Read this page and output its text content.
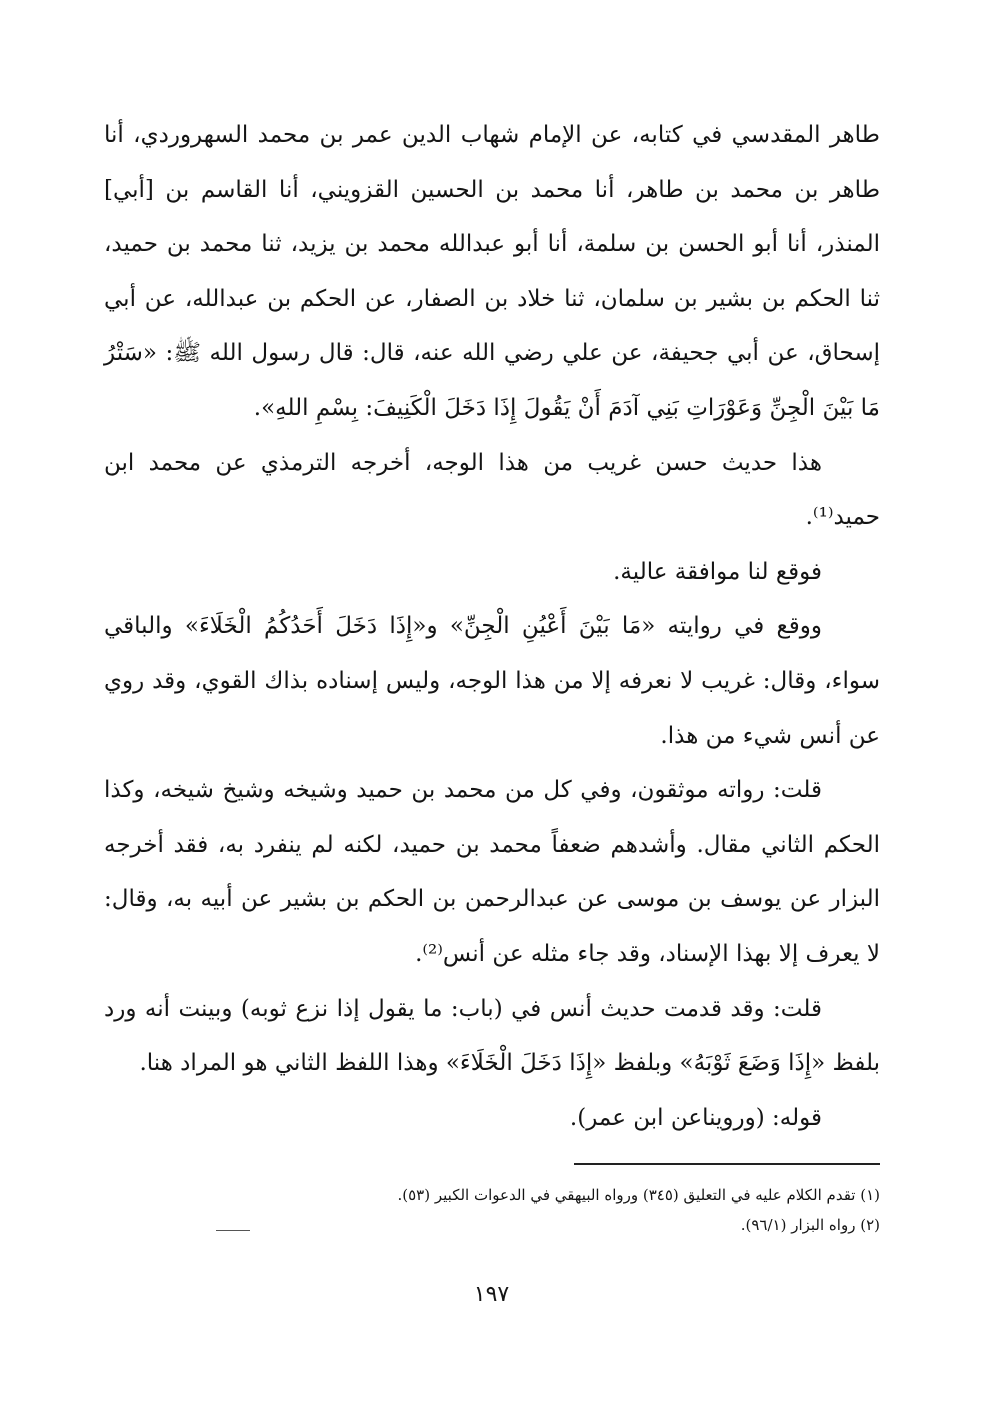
طاهر المقدسي في كتابه، عن الإمام شهاب الدين عمر بن محمد السهروردي، أنا طاهر بن محمد بن طاهر، أنا محمد بن الحسين القزويني، أنا القاسم بن [أبي] المنذر، أنا أبو الحسن بن سلمة، أنا أبو عبدالله محمد بن يزيد، ثنا محمد بن حميد، ثنا الحكم بن بشير بن سلمان، ثنا خلاد بن الصفار، عن الحكم بن عبدالله، عن أبي إسحاق، عن أبي جحيفة، عن علي رضي الله عنه، قال: قال رسول الله ﷺ: «سَتْرُ مَا بَيْنَ الْجِنِّ وَعَوْرَاتِ بَنِي آدَمَ أَنْ يَقُولَ إِذَا دَخَلَ الْكَنِيفَ: بِسْمِ اللهِ».

هذا حديث حسن غريب من هذا الوجه، أخرجه الترمذي عن محمد ابن حميد⁽¹⁾.

فوقع لنا موافقة عالية.

ووقع في روايته «مَا بَيْنَ أَعْيُنِ الْجِنِّ» و«إِذَا دَخَلَ أَحَدُكُمُ الْخَلَاءَ» والباقي سواء، وقال: غريب لا نعرفه إلا من هذا الوجه، وليس إسناده بذاك القوي، وقد روي عن أنس شيء من هذا.

قلت: رواته موثقون، وفي كل من محمد بن حميد وشيخه وشيخ شيخه، وكذا الحكم الثاني مقال. وأشدهم ضعفاً محمد بن حميد، لكنه لم ينفرد به، فقد أخرجه البزار عن يوسف بن موسى عن عبدالرحمن بن الحكم بن بشير عن أبيه به، وقال: لا يعرف إلا بهذا الإسناد، وقد جاء مثله عن أنس⁽²⁾.

قلت: وقد قدمت حديث أنس في (باب: ما يقول إذا نزع ثوبه) وبينت أنه ورد بلفظ «إِذَا وَضَعَ ثَوْبَهُ» وبلفظ «إِذَا دَخَلَ الْخَلَاءَ» وهذا اللفظ الثاني هو المراد هنا.

قوله: (ورويناعن ابن عمر).

(١) تقدم الكلام عليه في التعليق (٣٤٥) ورواه البيهقي في الدعوات الكبير (٥٣).

(٢) رواه البزار (٩٦/١).

١٩٧
